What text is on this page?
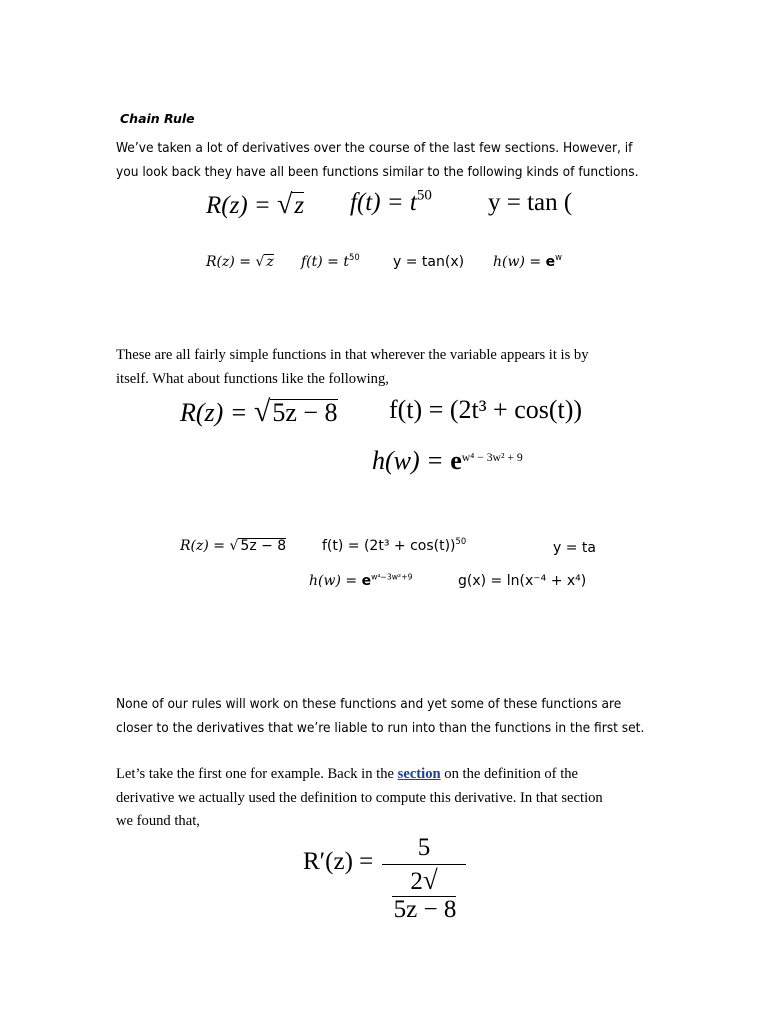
Chain Rule
We’ve taken a lot of derivatives over the course of the last few sections. However, if
you look back they have all been functions similar to the following kinds of functions.
R(z) = √z $f(t) = t^{50}$ y = tan (
R(z) = √ z $f(t) = t^{50}$ y = tan(x) $h(w) = e^w$
These are all fairly simple functions in that wherever the variable appears it is by
itself. What about functions like the following,
R(z) = √5z − 8 f(t) = (2t³ + cos(t))
$h(w) = e^{w^4 - 3w^2 + 9}$
R(z) = √ 5z − 8	$f(t) = (2t^3 + \cos(t))^{50}$	y = ta
$h(w) = e^{w^4-3w^2+9}$	g(x) = ln(x⁻⁴ + x⁴)
None of our rules will work on these functions and yet some of these functions are
closer to the derivatives that we’re liable to run into than the functions in the first set.
Let’s take the first one for example. Back in the section on the definition of the
derivative we actually used the definition to compute this derivative. In that section
we found that,
R′(z) =
5
2√5z − 8
